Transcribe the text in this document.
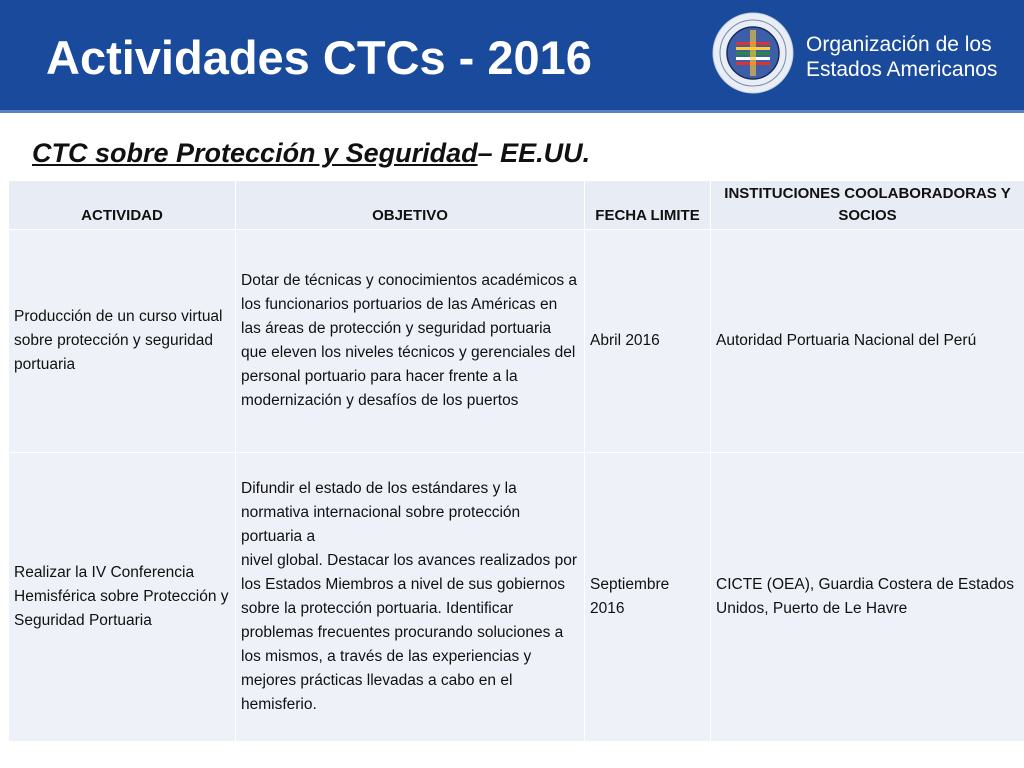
Actividades CTCs - 2016	Organización de los
Estados Americanos
CTC sobre Protección y Seguridad– EE.UU.
ACTIVIDAD	OBJETIVO	FECHA LIMITE	INSTITUCIONES COOLABORADORAS Y SOCIOS
Producción de un curso virtual sobre protección y seguridad portuaria	Dotar de técnicas y conocimientos académicos a los funcionarios portuarios de las Américas en las áreas de protección y seguridad portuaria que eleven los niveles técnicos y gerenciales del personal portuario para hacer frente a la modernización y desafíos de los puertos	Abril 2016	Autoridad Portuaria Nacional del Perú
Realizar la IV Conferencia Hemisférica sobre Protección y Seguridad Portuaria	Difundir el estado de los estándares y la normativa internacional sobre protección portuaria a
nivel global. Destacar los avances realizados por los Estados Miembros a nivel de sus gobiernos sobre la protección portuaria. Identificar problemas frecuentes procurando soluciones a los mismos, a través de las experiencias y mejores prácticas llevadas a cabo en el hemisferio.	Septiembre 2016	CICTE (OEA), Guardia Costera de Estados Unidos, Puerto de Le Havre
